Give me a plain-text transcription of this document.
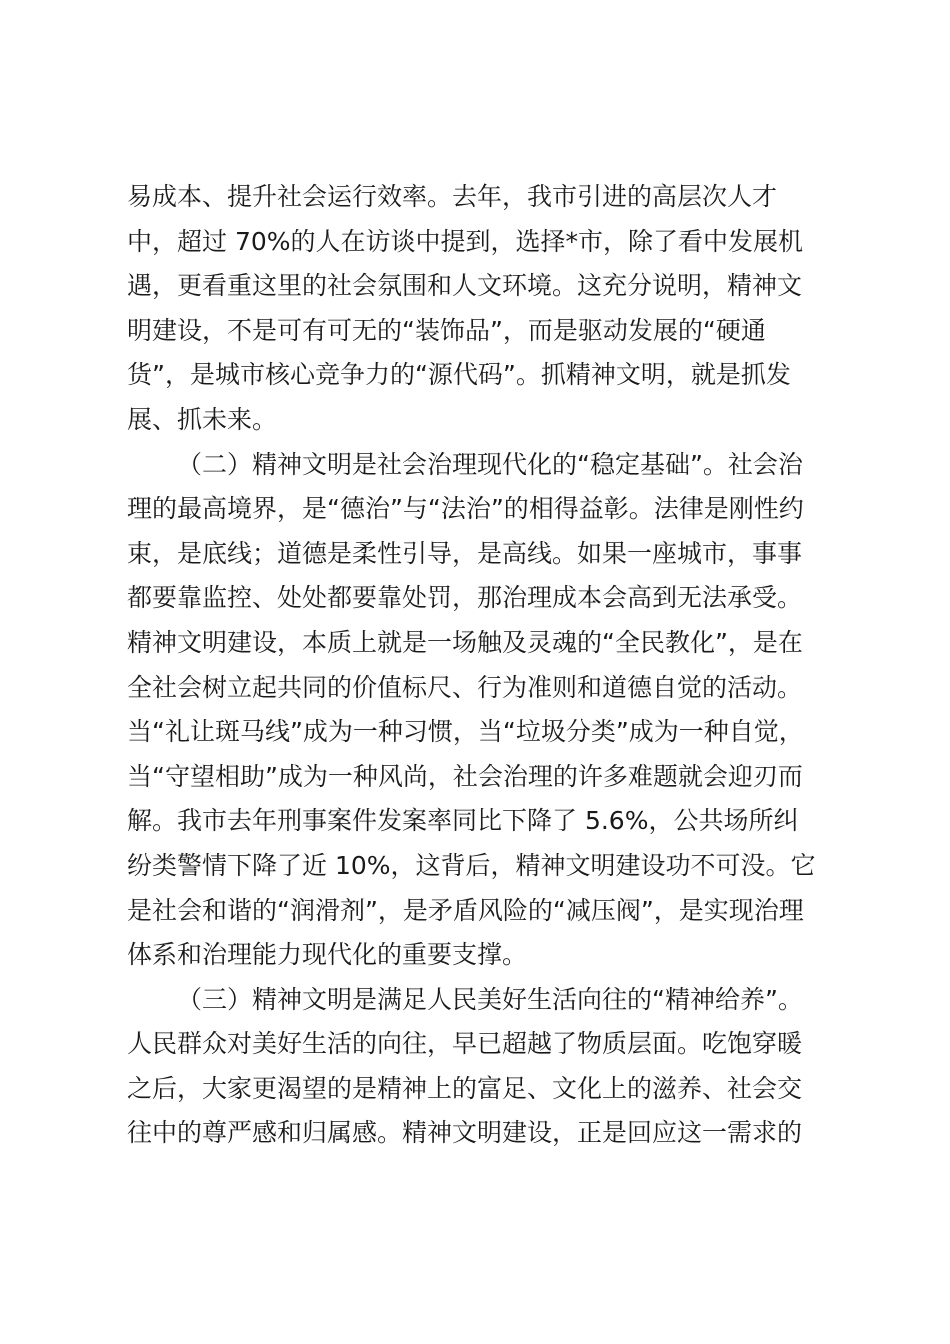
易成本、提升社会运行效率。去年，我市引进的高层次人才
中，超过 70%的人在访谈中提到，选择*市，除了看中发展机
遇，更看重这里的社会氛围和人文环境。这充分说明，精神文
明建设，不是可有可无的“装饰品”，而是驱动发展的“硬通
货”，是城市核心竞争力的“源代码”。抓精神文明，就是抓发
展、抓未来。
（二）精神文明是社会治理现代化的“稳定基础”。社会治
理的最高境界，是“德治”与“法治”的相得益彰。法律是刚性约
束，是底线；道德是柔性引导，是高线。如果一座城市，事事
都要靠监控、处处都要靠处罚，那治理成本会高到无法承受。
精神文明建设，本质上就是一场触及灵魂的“全民教化”，是在
全社会树立起共同的价值标尺、行为准则和道德自觉的活动。
当“礼让斑马线”成为一种习惯，当“垃圾分类”成为一种自觉，
当“守望相助”成为一种风尚，社会治理的许多难题就会迎刃而
解。我市去年刑事案件发案率同比下降了 5.6%，公共场所纠
纷类警情下降了近 10%，这背后，精神文明建设功不可没。它
是社会和谐的“润滑剂”，是矛盾风险的“减压阀”，是实现治理
体系和治理能力现代化的重要支撑。
（三）精神文明是满足人民美好生活向往的“精神给养”。
人民群众对美好生活的向往，早已超越了物质层面。吃饱穿暖
之后，大家更渴望的是精神上的富足、文化上的滋养、社会交
往中的尊严感和归属感。精神文明建设，正是回应这一需求的
